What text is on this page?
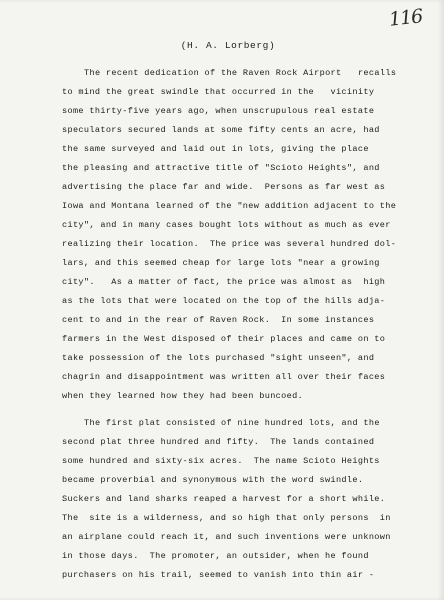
116
(H. A. Lorberg)
The recent dedication of the Raven Rock Airport   recalls
to mind the great swindle that occurred in the   vicinity
some thirty-five years ago, when unscrupulous real estate
speculators secured lands at some fifty cents an acre, had
the same surveyed and laid out in lots, giving the place
the pleasing and attractive title of "Scioto Heights", and
advertising the place far and wide.  Persons as far west as
Iowa and Montana learned of the "new addition adjacent to the
city", and in many cases bought lots without as much as ever
realizing their location.  The price was several hundred dol-
lars, and this seemed cheap for large lots "near a growing
city".   As a matter of fact, the price was almost as  high
as the lots that were located on the top of the hills adja-
cent to and in the rear of Raven Rock.  In some instances
farmers in the West disposed of their places and came on to
take possession of the lots purchased "sight unseen", and
chagrin and disappointment was written all over their faces
when they learned how they had been buncoed.
The first plat consisted of nine hundred lots, and the
second plat three hundred and fifty.  The lands contained
some hundred and sixty-six acres.  The name Scioto Heights
became proverbial and synonymous with the word swindle.
Suckers and land sharks reaped a harvest for a short while.
The  site is a wilderness, and so high that only persons  in
an airplane could reach it, and such inventions were unknown
in those days.  The promoter, an outsider, when he found
purchasers on his trail, seemed to vanish into thin air -
